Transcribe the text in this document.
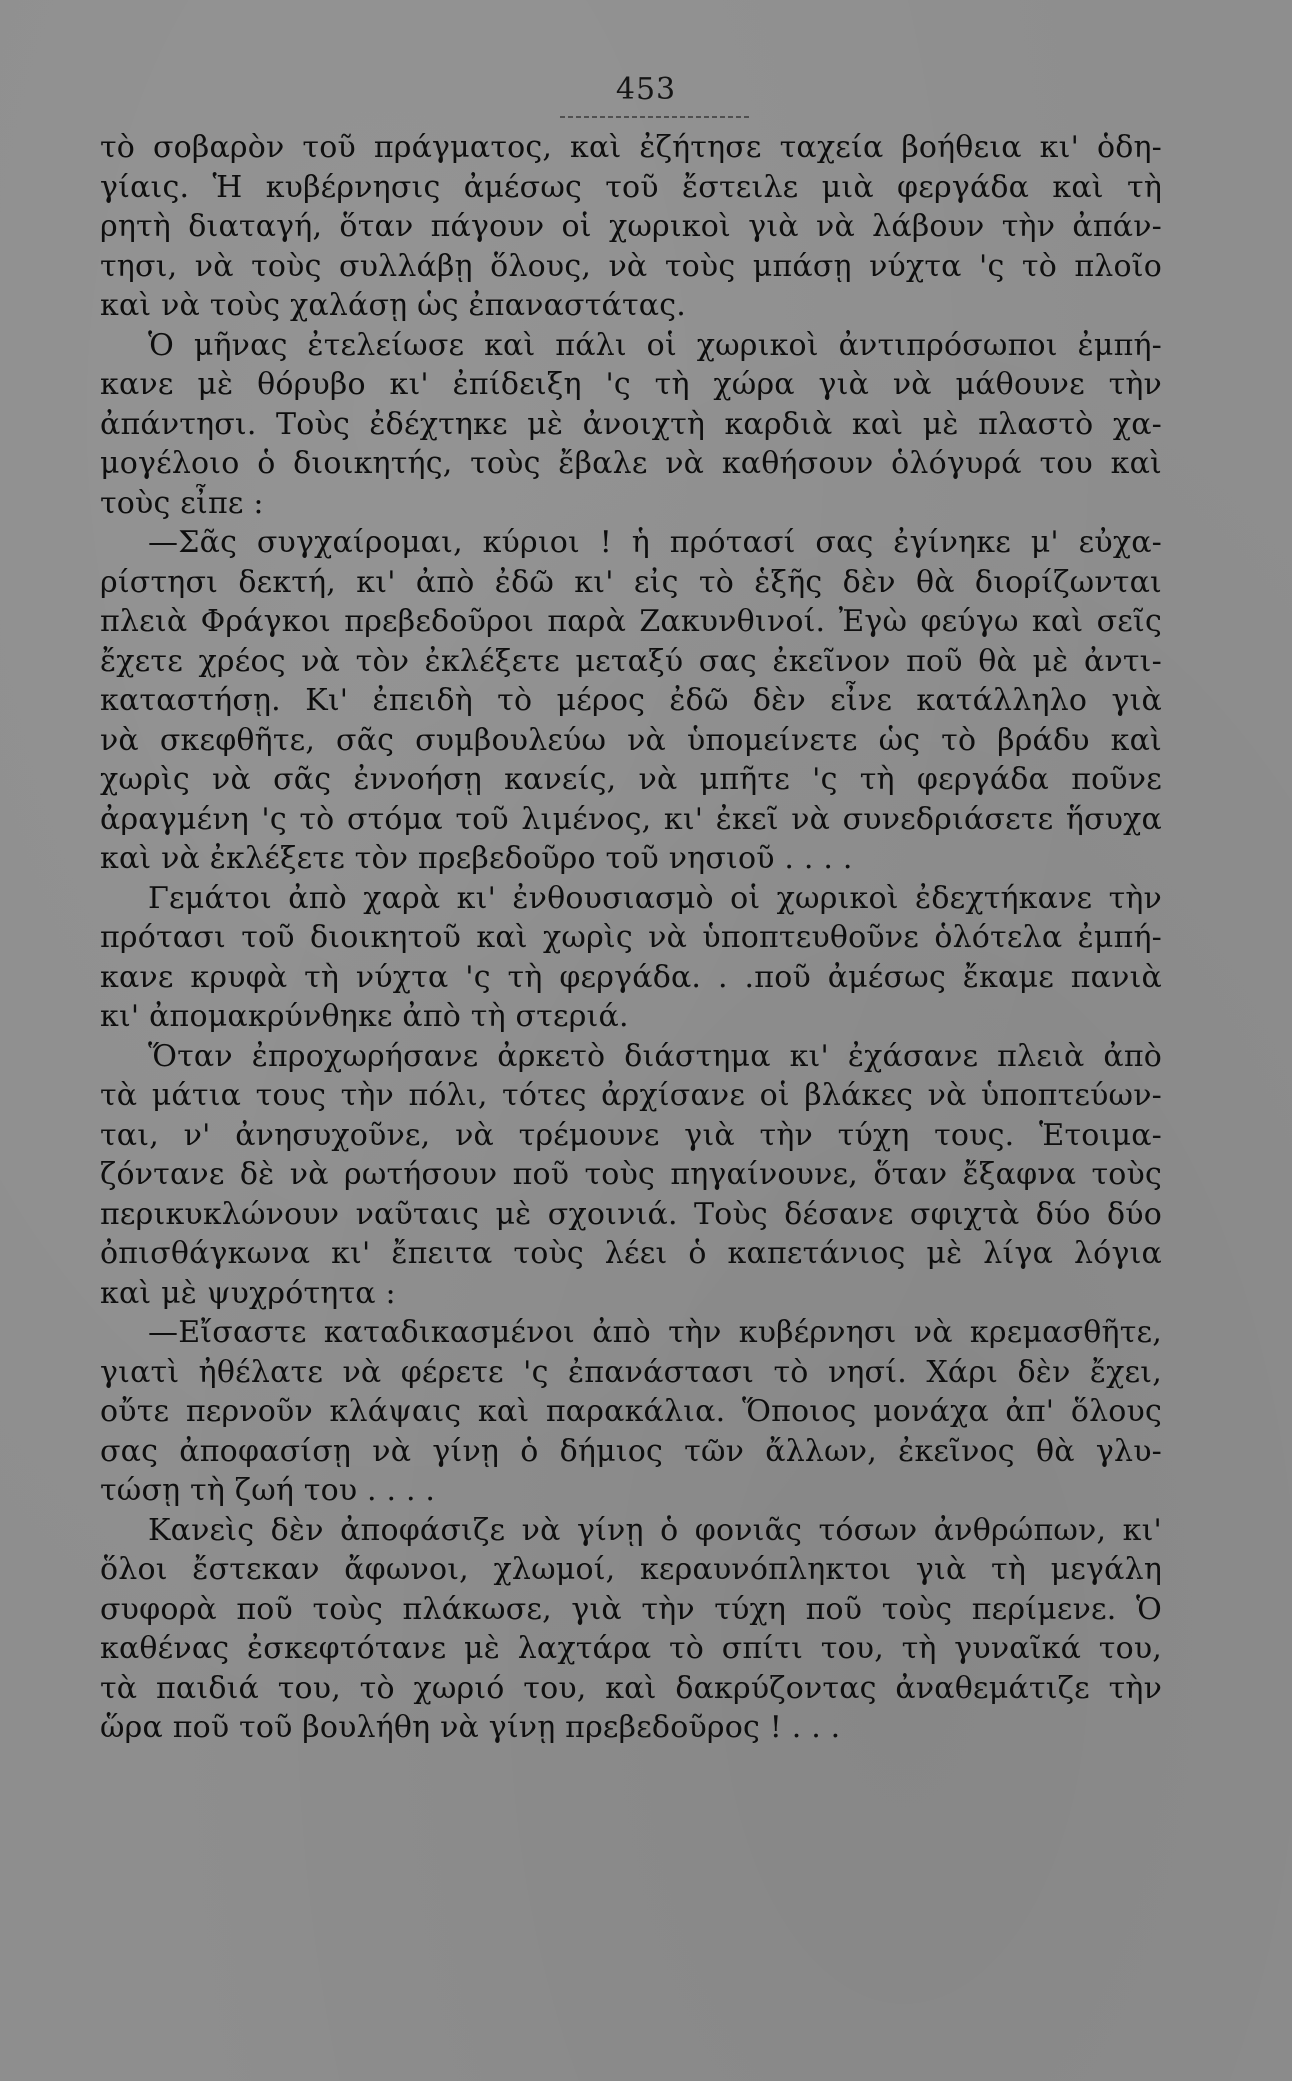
453
τὸ σοβαρὸν τοῦ πράγματος, καὶ ἐζήτησε ταχεία βοήθεια κι' ὁδη-
γίαις. Ἡ κυβέρνησις ἀμέσως τοῦ ἔστειλε μιὰ φεργάδα καὶ τὴ
ρητὴ διαταγή, ὅταν πάγουν οἱ χωρικοὶ γιὰ νὰ λάβουν τὴν ἀπάν-
τησι, νὰ τοὺς συλλάβῃ ὅλους, νὰ τοὺς μπάσῃ νύχτα 'ς τὸ πλοῖο
καὶ νὰ τοὺς χαλάσῃ ὡς ἐπαναστάτας.
Ὁ μῆνας ἐτελείωσε καὶ πάλι οἱ χωρικοὶ ἀντιπρόσωποι ἐμπή-
κανε μὲ θόρυβο κι' ἐπίδειξη 'ς τὴ χώρα γιὰ νὰ μάθουνε τὴν
ἀπάντησι. Τοὺς ἐδέχτηκε μὲ ἀνοιχτὴ καρδιὰ καὶ μὲ πλαστὸ χα-
μογέλοιο ὁ διοικητής, τοὺς ἔβαλε νὰ καθήσουν ὁλόγυρά του καὶ
τοὺς εἶπε :
—Σᾶς συγχαίρομαι, κύριοι ! ἡ πρότασί σας ἐγίνηκε μ' εὐχα-
ρίστησι δεκτή, κι' ἀπὸ ἐδῶ κι' εἰς τὸ ἑξῆς δὲν θὰ διορίζωνται
πλειὰ Φράγκοι πρεβεδοῦροι παρὰ Ζακυνθινοί. Ἐγὼ φεύγω καὶ σεῖς
ἔχετε χρέος νὰ τὸν ἐκλέξετε μεταξύ σας ἐκεῖνον ποῦ θὰ μὲ ἀντι-
καταστήσῃ. Κι' ἐπειδὴ τὸ μέρος ἐδῶ δὲν εἶνε κατάλληλο γιὰ
νὰ σκεφθῆτε, σᾶς συμβουλεύω νὰ ὑπομείνετε ὡς τὸ βράδυ καὶ
χωρὶς νὰ σᾶς ἐννοήσῃ κανείς, νὰ μπῆτε 'ς τὴ φεργάδα ποῦνε
ἀραγμένη 'ς τὸ στόμα τοῦ λιμένος, κι' ἐκεῖ νὰ συνεδριάσετε ἥσυχα
καὶ νὰ ἐκλέξετε τὸν πρεβεδοῦρο τοῦ νησιοῦ . . . .
Γεμάτοι ἀπὸ χαρὰ κι' ἐνθουσιασμὸ οἱ χωρικοὶ ἐδεχτήκανε τὴν
πρότασι τοῦ διοικητοῦ καὶ χωρὶς νὰ ὑποπτευθοῦνε ὁλότελα ἐμπή-
κανε κρυφὰ τὴ νύχτα 'ς τὴ φεργάδα. . .ποῦ ἀμέσως ἔκαμε πανιὰ
κι' ἀπομακρύνθηκε ἀπὸ τὴ στεριά.
Ὅταν ἐπροχωρήσανε ἀρκετὸ διάστημα κι' ἐχάσανε πλειὰ ἀπὸ
τὰ μάτια τους τὴν πόλι, τότες ἀρχίσανε οἱ βλάκες νὰ ὑποπτεύων-
ται, ν' ἀνησυχοῦνε, νὰ τρέμουνε γιὰ τὴν τύχη τους. Ἑτοιμα-
ζόντανε δὲ νὰ ρωτήσουν ποῦ τοὺς πηγαίνουνε, ὅταν ἔξαφνα τοὺς
περικυκλώνουν ναῦταις μὲ σχοινιά. Τοὺς δέσανε σφιχτὰ δύο δύο
ὀπισθάγκωνα κι' ἔπειτα τοὺς λέει ὁ καπετάνιος μὲ λίγα λόγια
καὶ μὲ ψυχρότητα :
—Εἴσαστε καταδικασμένοι ἀπὸ τὴν κυβέρνησι νὰ κρεμασθῆτε,
γιατὶ ἠθέλατε νὰ φέρετε 'ς ἐπανάστασι τὸ νησί. Χάρι δὲν ἔχει,
οὔτε περνοῦν κλάψαις καὶ παρακάλια. Ὅποιος μονάχα ἀπ' ὅλους
σας ἀποφασίσῃ νὰ γίνῃ ὁ δήμιος τῶν ἄλλων, ἐκεῖνος θὰ γλυ-
τώσῃ τὴ ζωή του . . . .
Κανεὶς δὲν ἀποφάσιζε νὰ γίνῃ ὁ φονιᾶς τόσων ἀνθρώπων, κι'
ὅλοι ἔστεκαν ἄφωνοι, χλωμοί, κεραυνόπληκτοι γιὰ τὴ μεγάλη
συφορὰ ποῦ τοὺς πλάκωσε, γιὰ τὴν τύχη ποῦ τοὺς περίμενε. Ὁ
καθένας ἐσκεφτότανε μὲ λαχτάρα τὸ σπίτι του, τὴ γυναῖκά του,
τὰ παιδιά του, τὸ χωριό του, καὶ δακρύζοντας ἀναθεμάτιζε τὴν
ὥρα ποῦ τοῦ βουλήθη νὰ γίνῃ πρεβεδοῦρος ! . . .
